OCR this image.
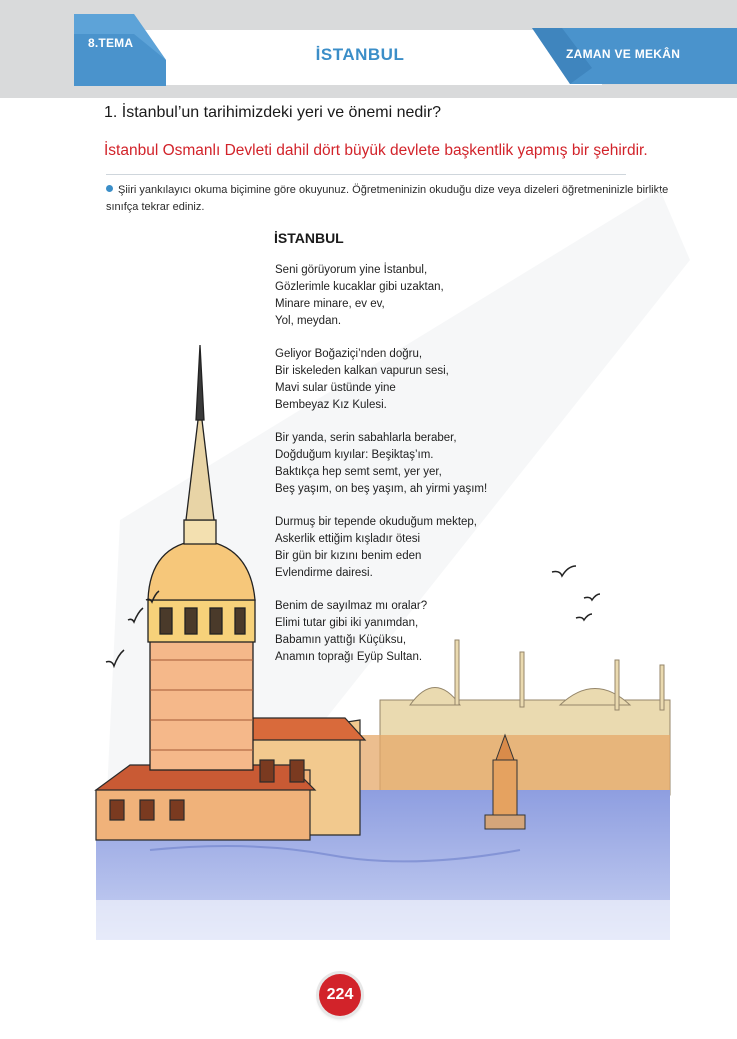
8.TEMA
İSTANBUL	ZAMAN VE MEKÂN
1. İstanbul’un tarihimizdeki yeri ve önemi nedir?
İstanbul Osmanlı Devleti dahil dört büyük devlete başkentlik yapmış bir şehirdir.
Şiiri yankılayıcı okuma biçimine göre okuyunuz. Öğretmeninizin okuduğu dize veya dizeleri öğretmeninizle birlikte sınıfça tekrar ediniz.
İSTANBUL
Seni görüyorum yine İstanbul,
Gözlerimle kucaklar gibi uzaktan,
Minare minare, ev ev,
Yol, meydan.
Geliyor Boğaziçi’nden doğru,
Bir iskeleden kalkan vapurun sesi,
Mavi sular üstünde yine
Bembeyaz Kız Kulesi.
Bir yanda, serin sabahlarla beraber,
Doğduğum kıyılar: Beşiktaş’ım.
Baktıkça hep semt semt, yer yer,
Beş yaşım, on beş yaşım, ah yirmi yaşım!
Durmuş bir tepende okuduğum mektep,
Askerlik ettiğim kışladır ötesi
Bir gün bir kızını benim eden
Evlendirme dairesi.
Benim de sayılmaz mı oralar?
Elimi tutar gibi iki yanımdan,
Babamın yattığı Küçüksu,
Anamın toprağı Eyüp Sultan.
224
